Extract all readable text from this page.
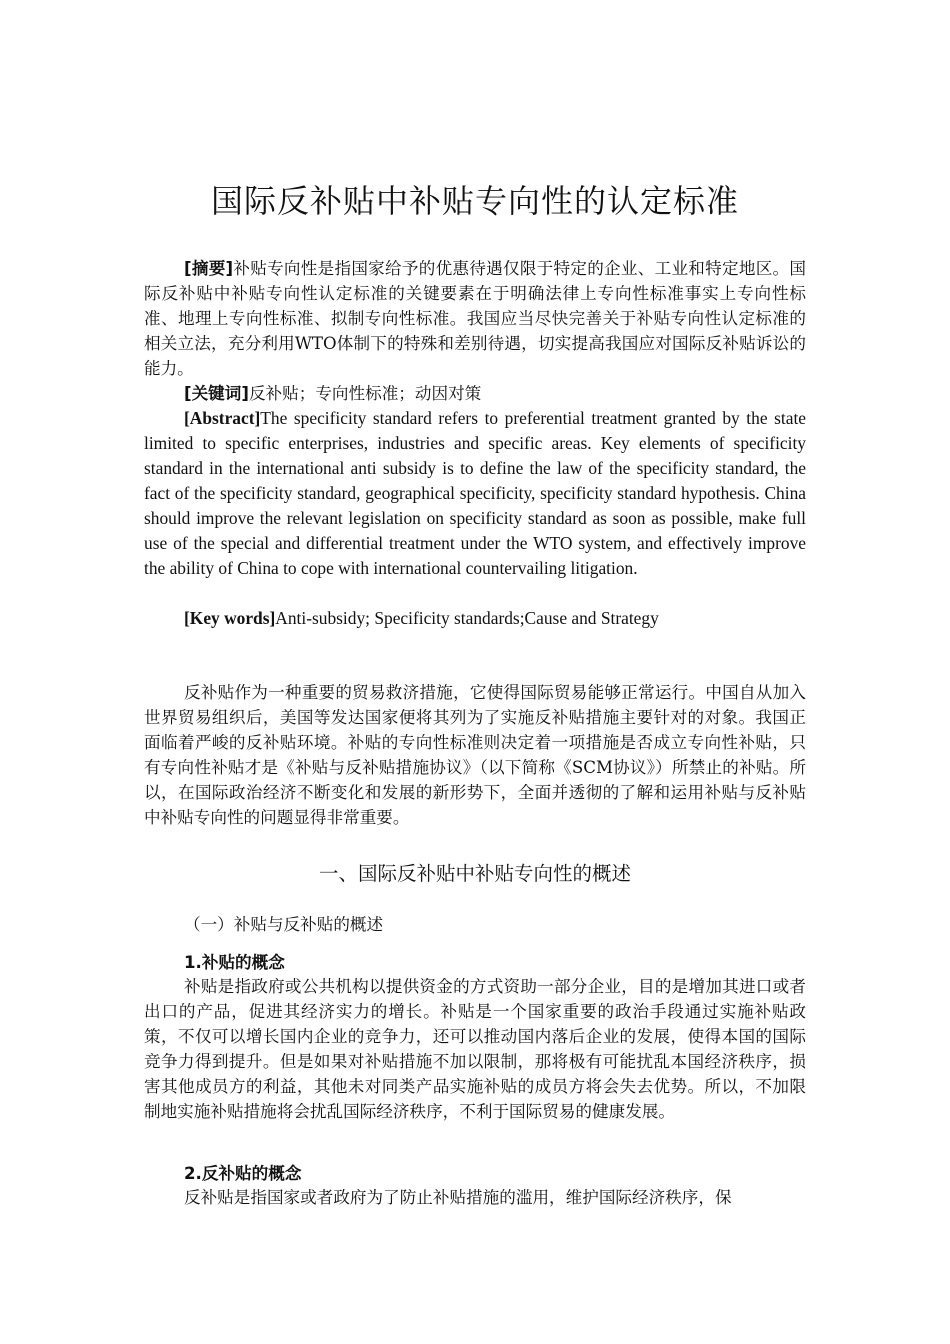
国际反补贴中补贴专向性的认定标准

[摘要]补贴专向性是指国家给予的优惠待遇仅限于特定的企业、工业和特定地区。国际反补贴中补贴专向性认定标准的关键要素在于明确法律上专向性标准事实上专向性标准、地理上专向性标准、拟制专向性标准。我国应当尽快完善关于补贴专向性认定标准的相关立法，充分利用WTO体制下的特殊和差别待遇，切实提高我国应对国际反补贴诉讼的能力。

[关键词]反补贴；专向性标准；动因对策

[Abstract]The specificity standard refers to preferential treatment granted by the state limited to specific enterprises, industries and specific areas. Key elements of specificity standard in the international anti subsidy is to define the law of the specificity standard, the fact of the specificity standard, geographical specificity, specificity standard hypothesis. China should improve the relevant legislation on specificity standard as soon as possible, make full use of the special and differential treatment under the WTO system, and effectively improve the ability of China to cope with international countervailing litigation.

[Key words]Anti-subsidy; Specificity standards;Cause and Strategy

反补贴作为一种重要的贸易救济措施，它使得国际贸易能够正常运行。中国自从加入世界贸易组织后，美国等发达国家便将其列为了实施反补贴措施主要针对的对象。我国正面临着严峻的反补贴环境。补贴的专向性标准则决定着一项措施是否成立专向性补贴，只有专向性补贴才是《补贴与反补贴措施协议》（以下简称《SCM协议》）所禁止的补贴。所以，在国际政治经济不断变化和发展的新形势下，全面并透彻的了解和运用补贴与反补贴中补贴专向性的问题显得非常重要。

一、国际反补贴中补贴专向性的概述
（一）补贴与反补贴的概述
1.补贴的概念

补贴是指政府或公共机构以提供资金的方式资助一部分企业，目的是增加其进口或者出口的产品，促进其经济实力的增长。补贴是一个国家重要的政治手段通过实施补贴政策，不仅可以增长国内企业的竞争力，还可以推动国内落后企业的发展，使得本国的国际竞争力得到提升。但是如果对补贴措施不加以限制，那将极有可能扰乱本国经济秩序，损害其他成员方的利益，其他未对同类产品实施补贴的成员方将会失去优势。所以，不加限制地实施补贴措施将会扰乱国际经济秩序，不利于国际贸易的健康发展。

2.反补贴的概念

反补贴是指国家或者政府为了防止补贴措施的滥用，维护国际经济秩序，保
